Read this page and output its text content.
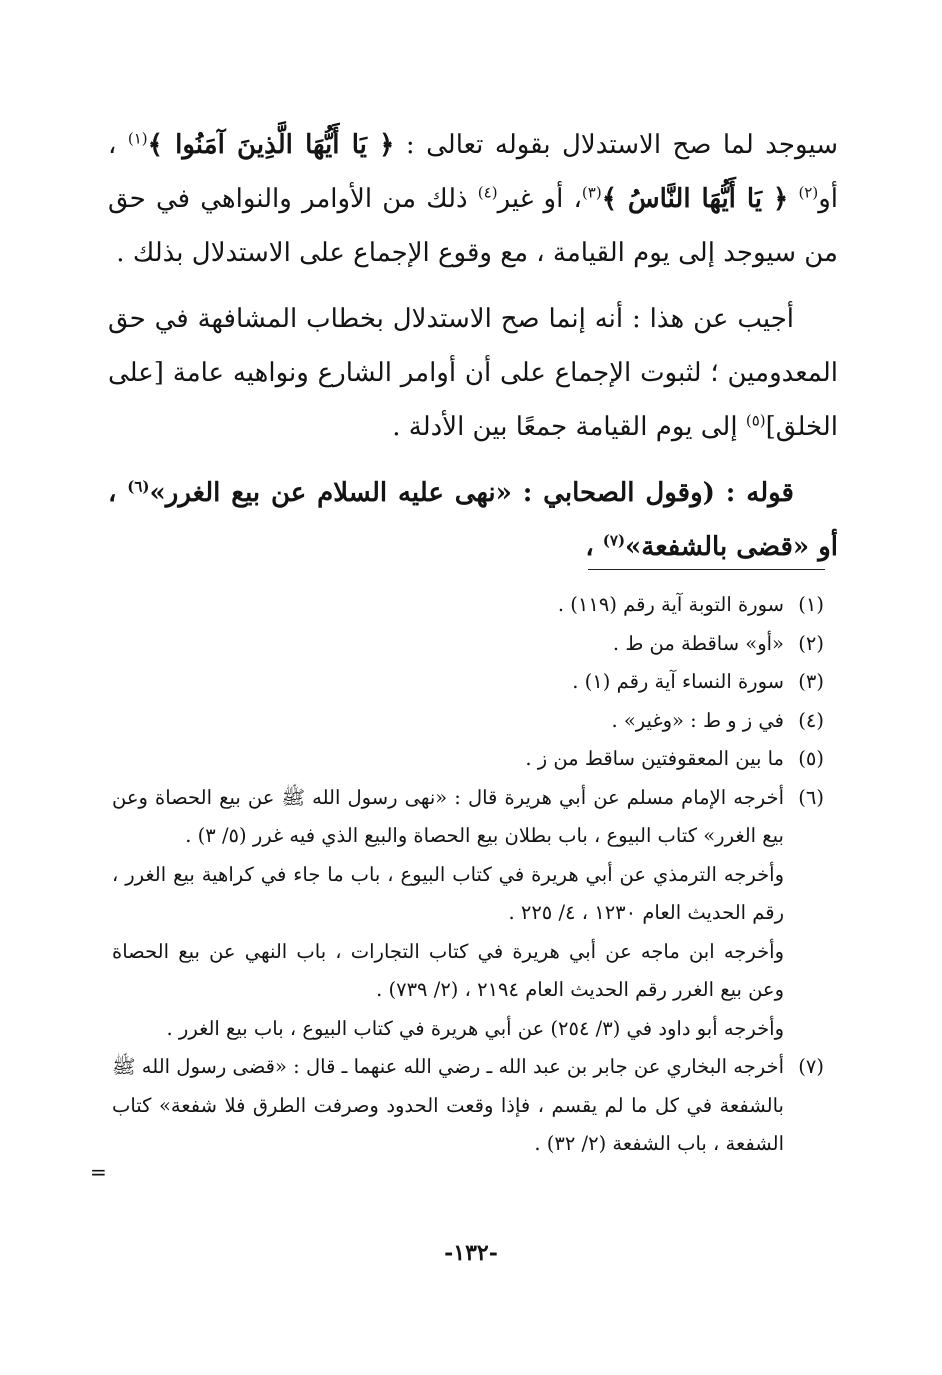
سيوجد لما صح الاستدلال بقوله تعالى : ﴿ يَا أَيُّهَا الَّذِينَ آمَنُوا ﴾$^{(١)}$ ، أو$^{(٢)}$ ﴿ يَا أَيُّهَا النَّاسُ ﴾$^{(٣)}$، أو غير$^{(٤)}$ ذلك من الأوامر والنواهي في حق من سيوجد إلى يوم القيامة ، مع وقوع الإجماع على الاستدلال بذلك .

أجيب عن هذا : أنه إنما صح الاستدلال بخطاب المشافهة في حق المعدومين ؛ لثبوت الإجماع على أن أوامر الشارع ونواهيه عامة [على الخلق]$^{(٥)}$ إلى يوم القيامة جمعًا بين الأدلة .

قوله : (وقول الصحابي : «نهى عليه السلام عن بيع الغرر»$^{(٦)}$ ، أو «قضى بالشفعة»$^{(٧)}$ ،

(١)
سورة التوبة آية رقم (١١٩) .
(٢)
«أو» ساقطة من ط .
(٣)
سورة النساء آية رقم (١) .
(٤)
في ز و ط : «وغير» .
(٥)
ما بين المعقوفتين ساقط من ز .
(٦)
أخرجه الإمام مسلم عن أبي هريرة قال : «نهى رسول الله ﷺ عن بيع الحصاة وعن بيع الغرر» كتاب البيوع ، باب بطلان بيع الحصاة والبيع الذي فيه غرر (٥/ ٣) .
وأخرجه الترمذي عن أبي هريرة في كتاب البيوع ، باب ما جاء في كراهية بيع الغرر ، رقم الحديث العام ١٢٣٠ ، ٤/ ٢٢٥ .
وأخرجه ابن ماجه عن أبي هريرة في كتاب التجارات ، باب النهي عن بيع الحصاة وعن بيع الغرر رقم الحديث العام ٢١٩٤ ، (٢/ ٧٣٩) .
وأخرجه أبو داود في (٣/ ٢٥٤) عن أبي هريرة في كتاب البيوع ، باب بيع الغرر .
(٧)
أخرجه البخاري عن جابر بن عبد الله ـ رضي الله عنهما ـ قال : «قضى رسول الله ﷺ بالشفعة في كل ما لم يقسم ، فإذا وقعت الحدود وصرفت الطرق فلا شفعة» كتاب الشفعة ، باب الشفعة (٢/ ٣٢) .
=
-١٣٢-
